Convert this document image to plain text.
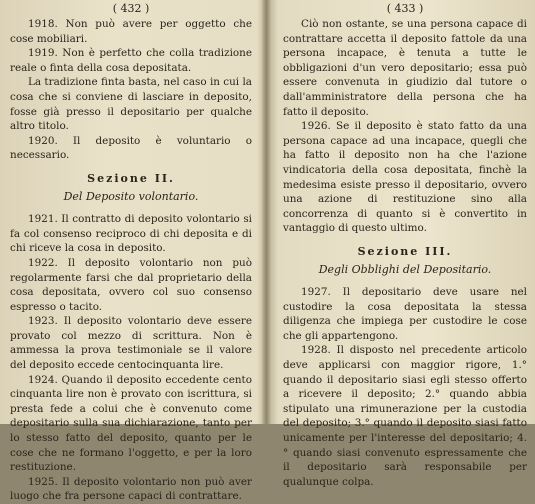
( 432 )

1918. Non può avere per oggetto che cose mobiliari.

1919. Non è perfetto che colla tradizione reale o finta della cosa depositata.

La tradizione finta basta, nel caso in cui la cosa che si conviene di lasciare in deposito, fosse già presso il depositario per qualche altro titolo.

1920. Il deposito è voluntario o necessario.

Sezione II.
Del Deposito volontario.

1921. Il contratto di deposito volontario si fa col consenso reciproco di chi deposita e di chi riceve la cosa in deposito.

1922. Il deposito volontario non può regolarmente farsi che dal proprietario della cosa depositata, ovvero col suo consenso espresso o tacito.

1923. Il deposito volontario deve essere provato col mezzo di scrittura. Non è ammessa la prova testimoniale se il valore del deposito eccede centocinquanta lire.

1924. Quando il deposito eccedente cento cinquanta lire non è provato con iscrittura, si presta fede a colui che è convenuto come depositario sulla sua dichiarazione, tanto per lo stesso fatto del deposito, quanto per le cose che ne formano l'oggetto, e per la loro restituzione.

1925. Il deposito volontario non può aver luogo che fra persone capaci di contrattare.

( 433 )

Ciò non ostante, se una persona capace di contrattare accetta il deposito fattole da una persona incapace, è tenuta a tutte le obbligazioni d'un vero depositario; essa può essere convenuta in giudizio dal tutore o dall'amministratore della persona che ha fatto il deposito.

1926. Se il deposito è stato fatto da una persona capace ad una incapace, quegli che ha fatto il deposito non ha che l'azione vindicatoria della cosa depositata, finchè la medesima esiste presso il depositario, ovvero una azione di restituzione sino alla concorrenza di quanto si è convertito in vantaggio di questo ultimo.

Sezione III.
Degli Obblighi del Depositario.

1927. Il depositario deve usare nel custodire la cosa depositata la stessa diligenza che impiega per custodire le cose che gli appartengono.

1928. Il disposto nel precedente articolo deve applicarsi con maggior rigore, 1.° quando il depositario siasi egli stesso offerto a ricevere il deposito; 2.° quando abbia stipulato una rimunerazione per la custodia del deposito; 3.° quando il deposito siasi fatto unicamente per l'interesse del depositario; 4.° quando siasi convenuto espressamente che il depositario sarà responsabile per qualunque colpa.
